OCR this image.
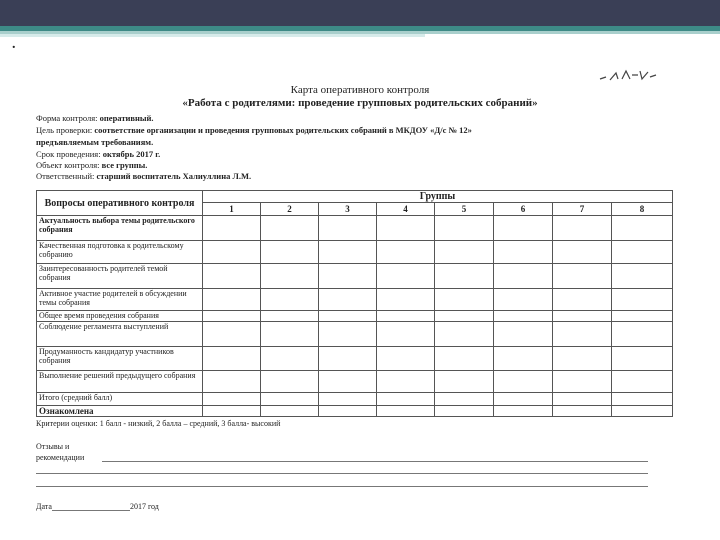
.
Карта оперативного контроля
«Работа с родителями: проведение групповых родительских собраний»
Форма контроля: оперативный.
Цель проверки: соответствие организации и проведения групповых родительских собраний в МКДОУ «Д/с № 12»
предъявляемым требованиям.
Срок проведения: октябрь 2017 г.
Объект контроля: все группы.
Ответственный: старший воспитатель Халиуллина Л.М.
Вопросы оперативного контроля	Группы							
	1	2	3	4	5	6	7	8
Актуальность выбора темы родительского собрания								
Качественная подготовка к родительскому собранию								
Заинтересованность родителей темой собрания								
Активное участие родителей в обсуждении темы собрания								
Общее время проведения собрания								
Соблюдение регламента выступлений								
Продуманность кандидатур участников собрания								
Выполнение решений предыдущего собрания								
Итого (средний балл)								
Ознакомлена								
Критерии оценки: 1 балл - низкий, 2 балла – средний, 3 балла- высокий
Отзывы и
рекомендации
Дата	2017 год
